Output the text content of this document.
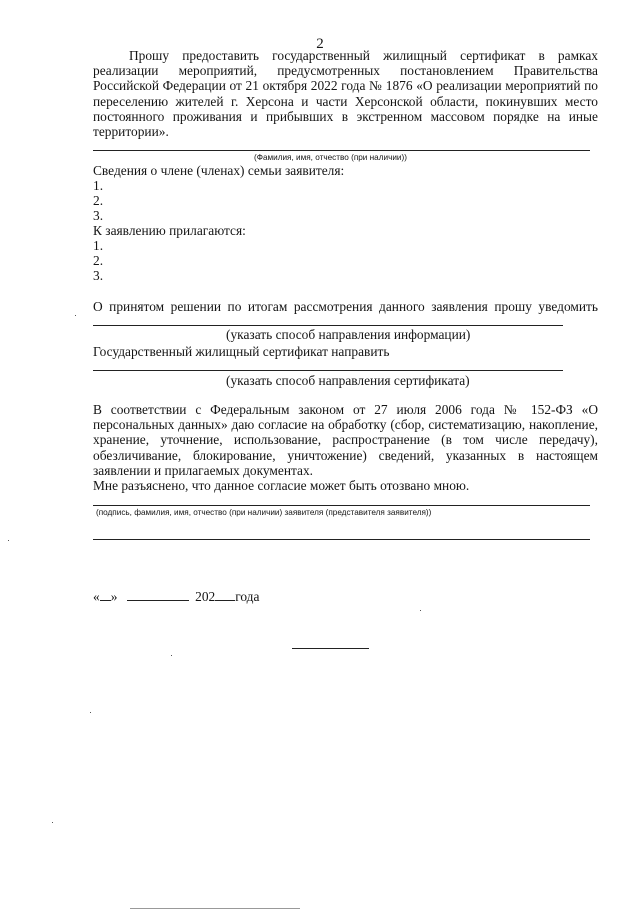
2

Прошу предоставить государственный жилищный сертификат в рамках реализации мероприятий, предусмотренных постановлением Правительства Российской Федерации от 21 октября 2022 года № 1876 «О реализации мероприятий по переселению жителей г. Херсона и части Херсонской области, покинувших место постоянного проживания и прибывших в экстренном массовом порядке на иные территории».

(Фамилия, имя, отчество (при наличии))
Сведения о члене (членах) семьи заявителя:
1.
2.
3.
К заявлению прилагаются:
1.
2.
3.
О принятом решении по итогам рассмотрения данного заявления прошу уведомить
(указать способ направления информации)
Государственный жилищный сертификат направить
(указать способ направления сертификата)

В соответствии с Федеральным законом от 27 июля 2006 года № 152-ФЗ «О персональных данных» даю согласие на обработку (сбор, систематизацию, накопление, хранение, уточнение, использование, распространение (в том числе передачу), обезличивание, блокирование, уничтожение) сведений, указанных в настоящем заявлении и прилагаемых документах.

Мне разъяснено, что данное согласие может быть отозвано мною.
(подпись, фамилия, имя, отчество (при наличии) заявителя (представителя заявителя))
« »	202 года
